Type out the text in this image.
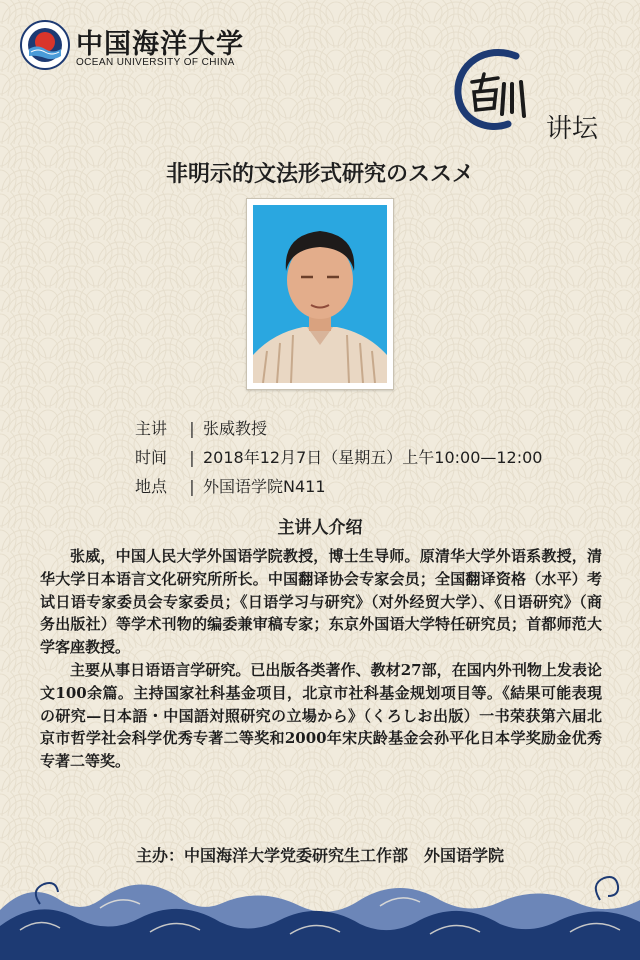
中国海洋大学
OCEAN UNIVERSITY OF CHINA
讲坛
非明示的文法形式研究のススメ
主讲 | 张威教授
时间 | 2018年12月7日（星期五）上午10:00—12:00
地点 | 外国语学院N411
主讲人介绍

张威，中国人民大学外国语学院教授，博士生导师。原清华大学外语系教授，清华大学日本语言文化研究所所长。中国翻译协会专家会员；全国翻译资格（水平）考试日语专家委员会专家委员；《日语学习与研究》（对外经贸大学）、《日语研究》（商务出版社）等学术刊物的编委兼审稿专家；东京外国语大学特任研究员；首都师范大学客座教授。

主要从事日语语言学研究。已出版各类著作、教材27部，在国内外刊物上发表论文100余篇。主持国家社科基金项目，北京市社科基金规划项目等。《結果可能表現の研究—日本語・中国語対照研究の立場から》（くろしお出版）一书荣获第六届北京市哲学社会科学优秀专著二等奖和2000年宋庆龄基金会孙平化日本学奖励金优秀专著二等奖。

主办：中国海洋大学党委研究生工作部　外国语学院
